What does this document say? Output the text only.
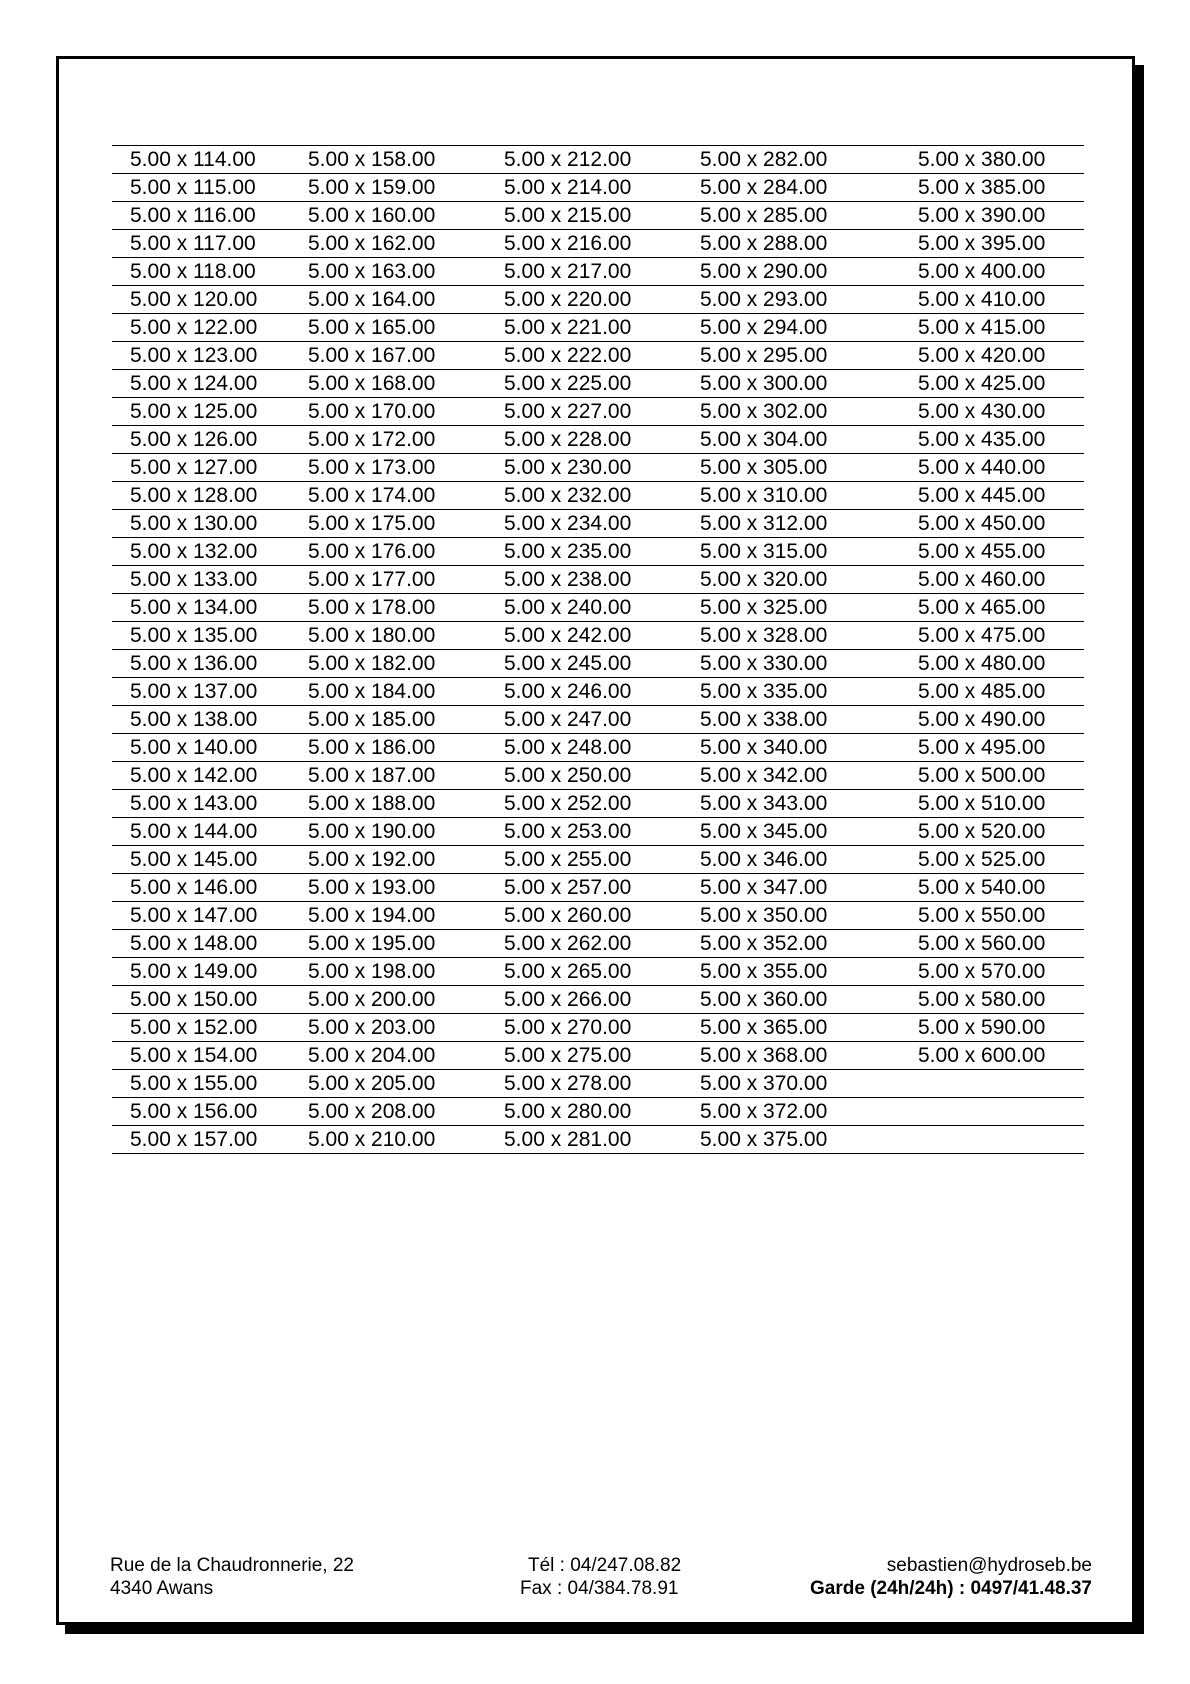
5.00 x 114.00	5.00 x 158.00	5.00 x 212.00	5.00 x 282.00	5.00 x 380.00
5.00 x 115.00	5.00 x 159.00	5.00 x 214.00	5.00 x 284.00	5.00 x 385.00
5.00 x 116.00	5.00 x 160.00	5.00 x 215.00	5.00 x 285.00	5.00 x 390.00
5.00 x 117.00	5.00 x 162.00	5.00 x 216.00	5.00 x 288.00	5.00 x 395.00
5.00 x 118.00	5.00 x 163.00	5.00 x 217.00	5.00 x 290.00	5.00 x 400.00
5.00 x 120.00	5.00 x 164.00	5.00 x 220.00	5.00 x 293.00	5.00 x 410.00
5.00 x 122.00	5.00 x 165.00	5.00 x 221.00	5.00 x 294.00	5.00 x 415.00
5.00 x 123.00	5.00 x 167.00	5.00 x 222.00	5.00 x 295.00	5.00 x 420.00
5.00 x 124.00	5.00 x 168.00	5.00 x 225.00	5.00 x 300.00	5.00 x 425.00
5.00 x 125.00	5.00 x 170.00	5.00 x 227.00	5.00 x 302.00	5.00 x 430.00
5.00 x 126.00	5.00 x 172.00	5.00 x 228.00	5.00 x 304.00	5.00 x 435.00
5.00 x 127.00	5.00 x 173.00	5.00 x 230.00	5.00 x 305.00	5.00 x 440.00
5.00 x 128.00	5.00 x 174.00	5.00 x 232.00	5.00 x 310.00	5.00 x 445.00
5.00 x 130.00	5.00 x 175.00	5.00 x 234.00	5.00 x 312.00	5.00 x 450.00
5.00 x 132.00	5.00 x 176.00	5.00 x 235.00	5.00 x 315.00	5.00 x 455.00
5.00 x 133.00	5.00 x 177.00	5.00 x 238.00	5.00 x 320.00	5.00 x 460.00
5.00 x 134.00	5.00 x 178.00	5.00 x 240.00	5.00 x 325.00	5.00 x 465.00
5.00 x 135.00	5.00 x 180.00	5.00 x 242.00	5.00 x 328.00	5.00 x 475.00
5.00 x 136.00	5.00 x 182.00	5.00 x 245.00	5.00 x 330.00	5.00 x 480.00
5.00 x 137.00	5.00 x 184.00	5.00 x 246.00	5.00 x 335.00	5.00 x 485.00
5.00 x 138.00	5.00 x 185.00	5.00 x 247.00	5.00 x 338.00	5.00 x 490.00
5.00 x 140.00	5.00 x 186.00	5.00 x 248.00	5.00 x 340.00	5.00 x 495.00
5.00 x 142.00	5.00 x 187.00	5.00 x 250.00	5.00 x 342.00	5.00 x 500.00
5.00 x 143.00	5.00 x 188.00	5.00 x 252.00	5.00 x 343.00	5.00 x 510.00
5.00 x 144.00	5.00 x 190.00	5.00 x 253.00	5.00 x 345.00	5.00 x 520.00
5.00 x 145.00	5.00 x 192.00	5.00 x 255.00	5.00 x 346.00	5.00 x 525.00
5.00 x 146.00	5.00 x 193.00	5.00 x 257.00	5.00 x 347.00	5.00 x 540.00
5.00 x 147.00	5.00 x 194.00	5.00 x 260.00	5.00 x 350.00	5.00 x 550.00
5.00 x 148.00	5.00 x 195.00	5.00 x 262.00	5.00 x 352.00	5.00 x 560.00
5.00 x 149.00	5.00 x 198.00	5.00 x 265.00	5.00 x 355.00	5.00 x 570.00
5.00 x 150.00	5.00 x 200.00	5.00 x 266.00	5.00 x 360.00	5.00 x 580.00
5.00 x 152.00	5.00 x 203.00	5.00 x 270.00	5.00 x 365.00	5.00 x 590.00
5.00 x 154.00	5.00 x 204.00	5.00 x 275.00	5.00 x 368.00	5.00 x 600.00
5.00 x 155.00	5.00 x 205.00	5.00 x 278.00	5.00 x 370.00	
5.00 x 156.00	5.00 x 208.00	5.00 x 280.00	5.00 x 372.00	
5.00 x 157.00	5.00 x 210.00	5.00 x 281.00	5.00 x 375.00	
Rue de la Chaudronnerie, 22
4340 Awans
Tél : 04/247.08.82
Fax : 04/384.78.91
sebastien@hydroseb.be
Garde (24h/24h) : 0497/41.48.37
